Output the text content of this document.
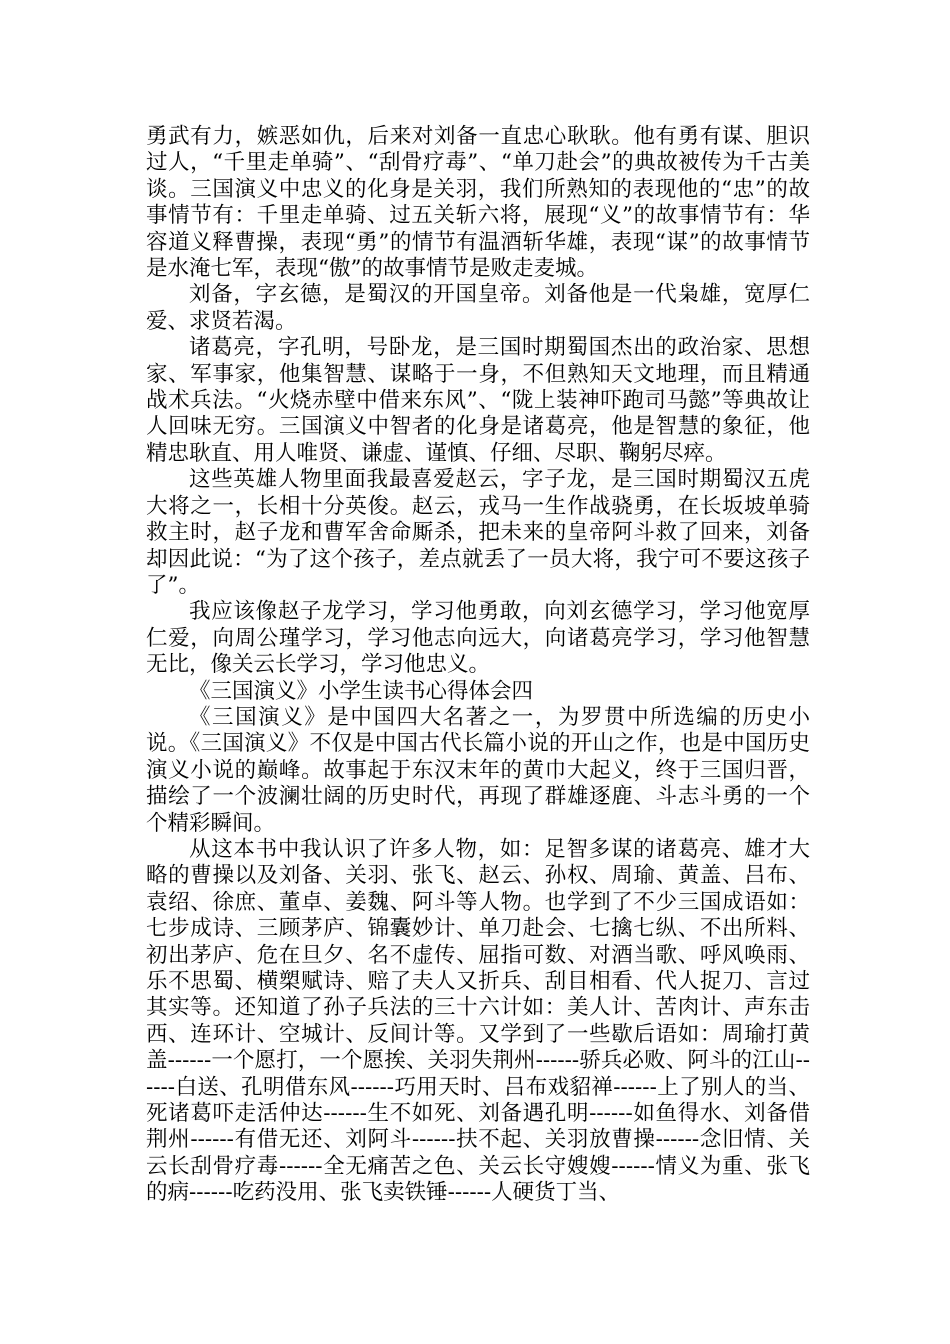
勇武有力，嫉恶如仇，后来对刘备一直忠心耿耿。他有勇有谋、胆识过人，“千里走单骑”、“刮骨疗毒”、“单刀赴会”的典故被传为千古美谈。三国演义中忠义的化身是关羽，我们所熟知的表现他的“忠”的故事情节有：千里走单骑、过五关斩六将，展现“义”的故事情节有：华容道义释曹操，表现“勇”的情节有温酒斩华雄，表现“谋”的故事情节是水淹七军，表现“傲”的故事情节是败走麦城。

刘备，字玄德，是蜀汉的开国皇帝。刘备他是一代枭雄，宽厚仁爱、求贤若渴。

诸葛亮，字孔明，号卧龙，是三国时期蜀国杰出的政治家、思想家、军事家，他集智慧、谋略于一身，不但熟知天文地理，而且精通战术兵法。“火烧赤壁中借来东风”、“陇上装神吓跑司马懿”等典故让人回味无穷。三国演义中智者的化身是诸葛亮，他是智慧的象征，他精忠耿直、用人唯贤、谦虚、谨慎、仔细、尽职、鞠躬尽瘁。

这些英雄人物里面我最喜爱赵云，字子龙，是三国时期蜀汉五虎大将之一，长相十分英俊。赵云，戎马一生作战骁勇，在长坂坡单骑救主时，赵子龙和曹军舍命厮杀，把未来的皇帝阿斗救了回来，刘备却因此说：“为了这个孩子，差点就丢了一员大将，我宁可不要这孩子了”。

我应该像赵子龙学习，学习他勇敢，向刘玄德学习，学习他宽厚仁爱，向周公瑾学习，学习他志向远大，向诸葛亮学习，学习他智慧无比，像关云长学习，学习他忠义。

《三国演义》小学生读书心得体会四

《三国演义》是中国四大名著之一，为罗贯中所选编的历史小说。《三国演义》不仅是中国古代长篇小说的开山之作，也是中国历史演义小说的巅峰。故事起于东汉末年的黄巾大起义，终于三国归晋，描绘了一个波澜壮阔的历史时代，再现了群雄逐鹿、斗志斗勇的一个个精彩瞬间。

从这本书中我认识了许多人物，如：足智多谋的诸葛亮、雄才大略的曹操以及刘备、关羽、张飞、赵云、孙权、周瑜、黄盖、吕布、袁绍、徐庶、董卓、姜魏、阿斗等人物。也学到了不少三国成语如：七步成诗、三顾茅庐、锦囊妙计、单刀赴会、七擒七纵、不出所料、初出茅庐、危在旦夕、名不虚传、屈指可数、对酒当歌、呼风唤雨、乐不思蜀、横槊赋诗、赔了夫人又折兵、刮目相看、代人捉刀、言过其实等。还知道了孙子兵法的三十六计如：美人计、苦肉计、声东击西、连环计、空城计、反间计等。又学到了一些歇后语如：周瑜打黄盖------一个愿打，一个愿挨、关羽失荆州------骄兵必败、阿斗的江山------白送、孔明借东风------巧用天时、吕布戏貂禅------上了别人的当、死诸葛吓走活仲达------生不如死、刘备遇孔明------如鱼得水、刘备借荆州------有借无还、刘阿斗------扶不起、关羽放曹操------念旧情、关云长刮骨疗毒------全无痛苦之色、关云长守嫂嫂------情义为重、张飞的病------吃药没用、张飞卖铁锤------人硬货丁当、
